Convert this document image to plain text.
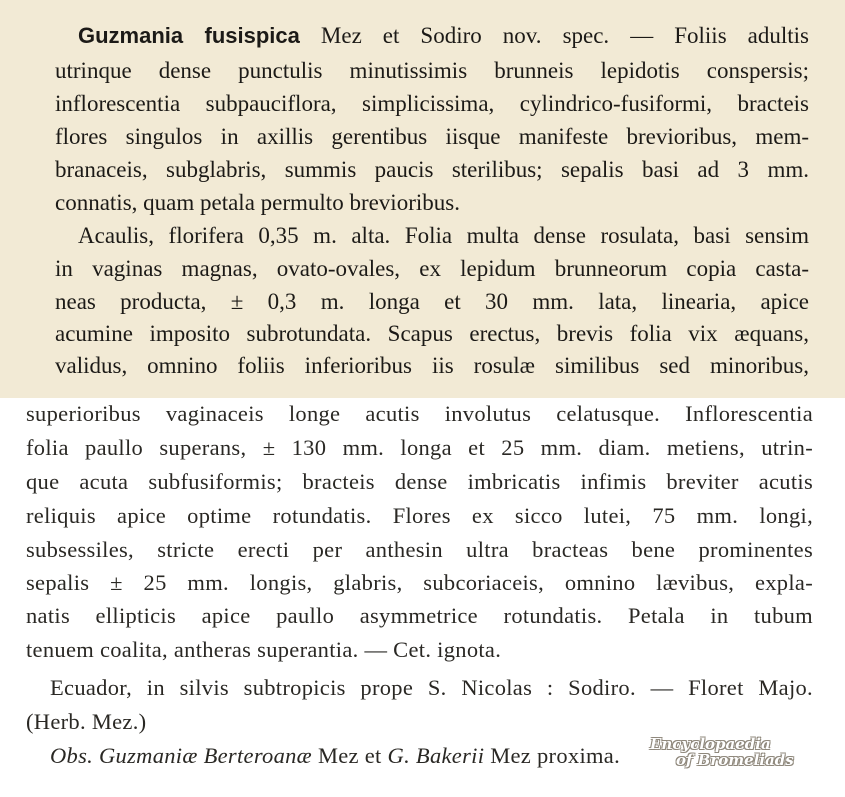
Guzmania fusispica Mez et Sodiro nov. spec. — Foliis adultis
utrinque dense punctulis minutissimis brunneis lepidotis conspersis;
inflorescentia subpauciflora, simplicissima, cylindrico-fusiformi, bracteis
flores singulos in axillis gerentibus iisque manifeste brevioribus, mem-
branaceis, subglabris, summis paucis sterilibus; sepalis basi ad 3 mm.
connatis, quam petala permulto brevioribus.
Acaulis, florifera 0,35 m. alta. Folia multa dense rosulata, basi sensim
in vaginas magnas, ovato-ovales, ex lepidum brunneorum copia casta-
neas producta, ± 0,3 m. longa et 30 mm. lata, linearia, apice
acumine imposito subrotundata. Scapus erectus, brevis folia vix æquans,
validus, omnino foliis inferioribus iis rosulæ similibus sed minoribus,
superioribus vaginaceis longe acutis involutus celatusque. Inflorescentia
folia paullo superans, ± 130 mm. longa et 25 mm. diam. metiens, utrin-
que acuta subfusiformis; bracteis dense imbricatis infimis breviter acutis
reliquis apice optime rotundatis. Flores ex sicco lutei, 75 mm. longi,
subsessiles, stricte erecti per anthesin ultra bracteas bene prominentes
sepalis ± 25 mm. longis, glabris, subcoriaceis, omnino lævibus, expla-
natis ellipticis apice paullo asymmetrice rotundatis. Petala in tubum
tenuem coalita, antheras superantia. — Cet. ignota.
Ecuador, in silvis subtropicis prope S. Nicolas : Sodiro. — Floret Majo.
(Herb. Mez.)
Obs. Guzmaniæ Berteroanæ Mez et G. Bakerii Mez proxima.	Encyclopaedia
of Bromeliads
